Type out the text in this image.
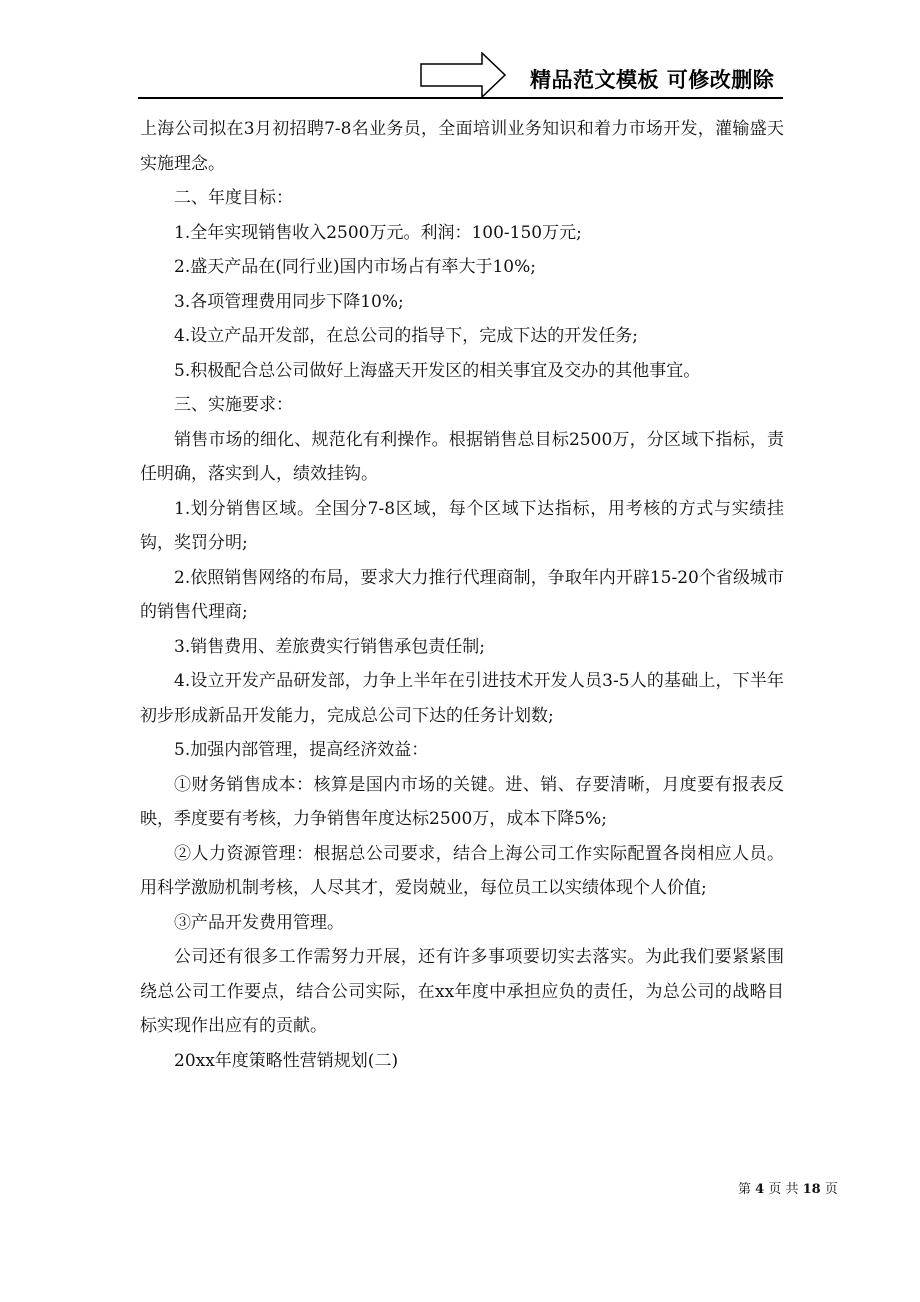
精品范文模板 可修改删除

上海公司拟在3月初招聘7-8名业务员，全面培训业务知识和着力市场开发，灌输盛天实施理念。

二、年度目标：

1.全年实现销售收入2500万元。利润：100-150万元;

2.盛天产品在(同行业)国内市场占有率大于10%;

3.各项管理费用同步下降10%;

4.设立产品开发部，在总公司的指导下，完成下达的开发任务;

5.积极配合总公司做好上海盛天开发区的相关事宜及交办的其他事宜。

三、实施要求：

销售市场的细化、规范化有利操作。根据销售总目标2500万，分区域下指标，责任明确，落实到人，绩效挂钩。

1.划分销售区域。全国分7-8区域，每个区域下达指标，用考核的方式与实绩挂钩，奖罚分明;

2.依照销售网络的布局，要求大力推行代理商制，争取年内开辟15-20个省级城市的销售代理商;

3.销售费用、差旅费实行销售承包责任制;

4.设立开发产品研发部，力争上半年在引进技术开发人员3-5人的基础上，下半年初步形成新品开发能力，完成总公司下达的任务计划数;

5.加强内部管理，提高经济效益：

①财务销售成本：核算是国内市场的关键。进、销、存要清晰，月度要有报表反映，季度要有考核，力争销售年度达标2500万，成本下降5%;

②人力资源管理：根据总公司要求，结合上海公司工作实际配置各岗相应人员。用科学激励机制考核，人尽其才，爱岗兢业，每位员工以实绩体现个人价值;

③产品开发费用管理。

公司还有很多工作需努力开展，还有许多事项要切实去落实。为此我们要紧紧围绕总公司工作要点，结合公司实际，在xx年度中承担应负的责任，为总公司的战略目标实现作出应有的贡献。

20xx年度策略性营销规划(二)

第 4 页 共 18 页
